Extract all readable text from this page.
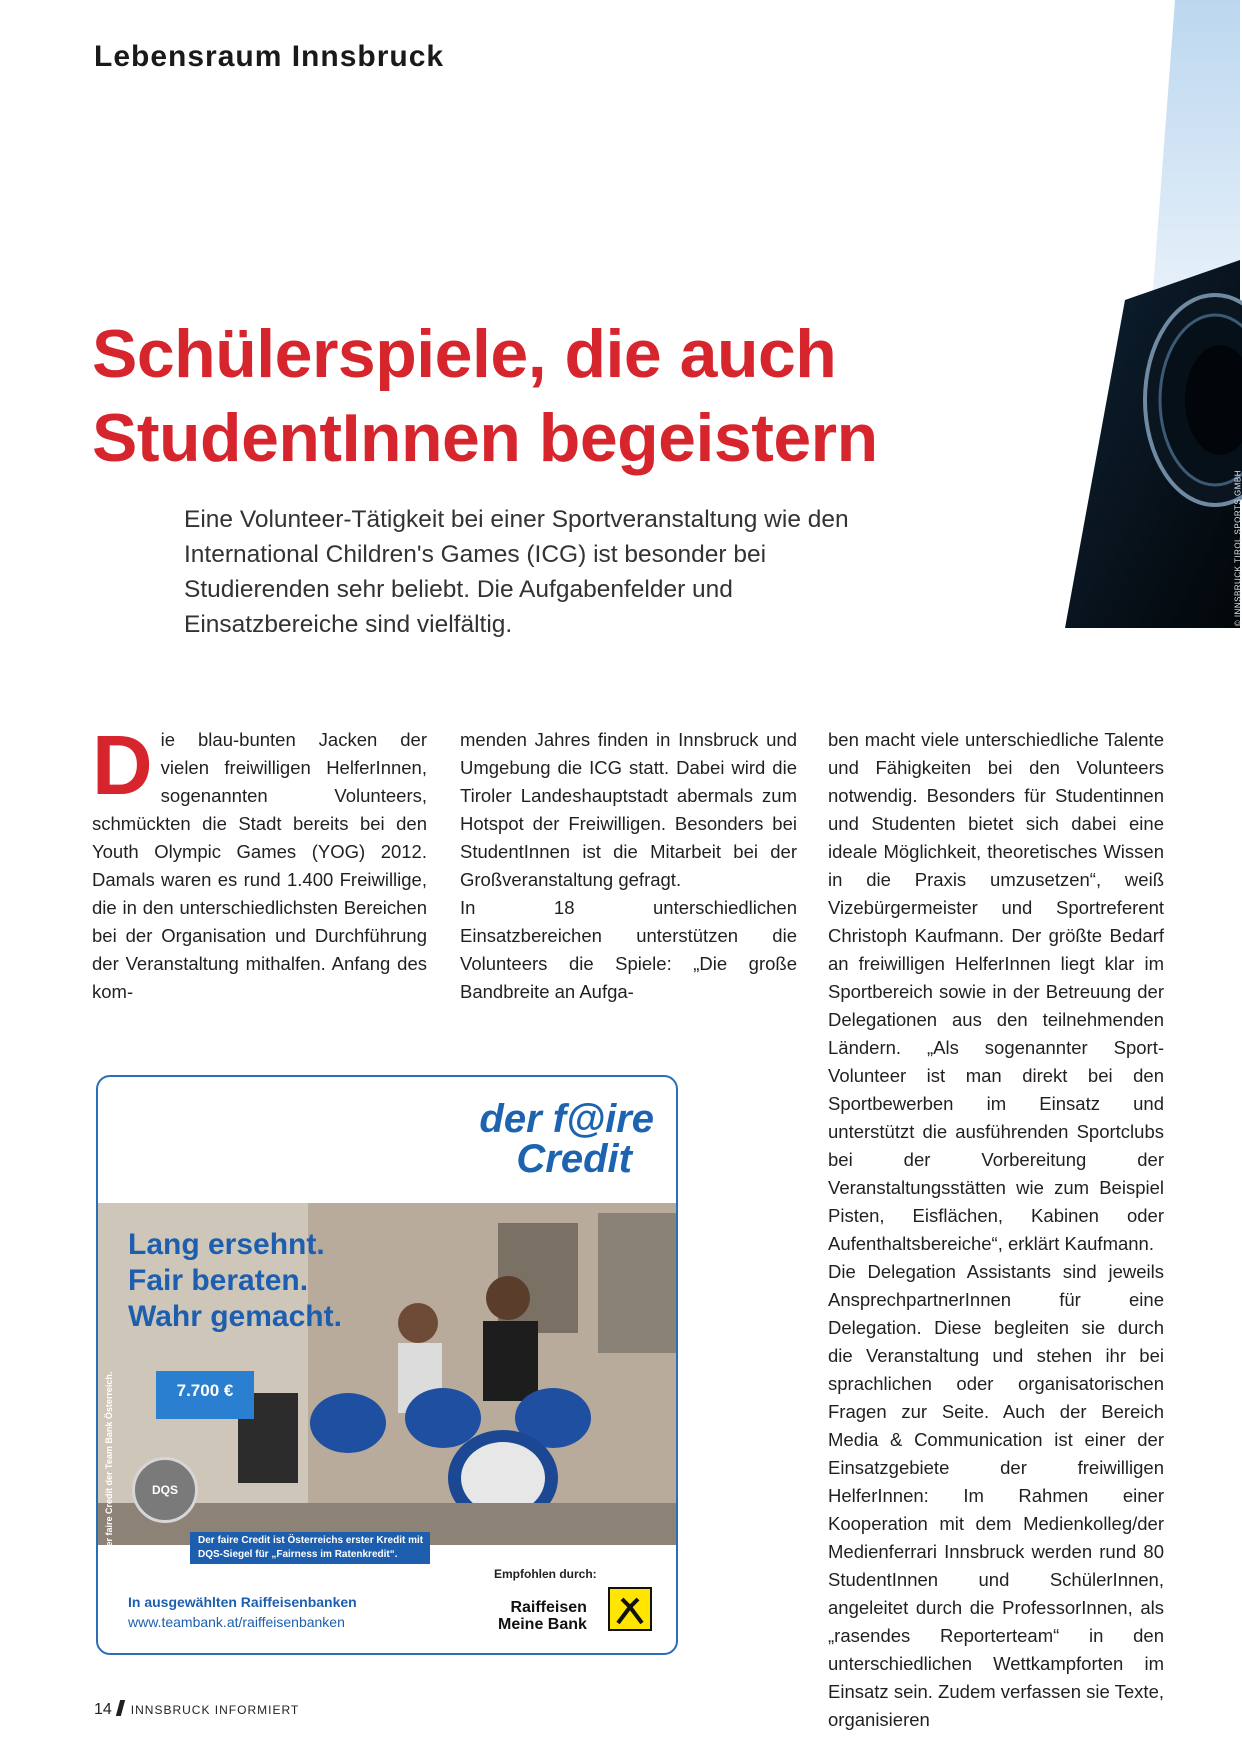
Lebensraum Innsbruck
© INNSBRUCK TIROL SPORTS GMBH
Schülerspiele, die auch
StudentInnen begeistern

Eine Volunteer-Tätigkeit bei einer Sportveranstaltung wie den International Children's Games (ICG) ist besonder bei Studierenden sehr beliebt. Die Aufgabenfelder und Einsatzbereiche sind vielfältig.

D ie blau-bunten Jacken der vielen freiwilligen HelferInnen, sogenannten Volunteers, schmückten die Stadt bereits bei den Youth Olympic Games (YOG) 2012. Damals waren es rund 1.400 Freiwillige, die in den unterschiedlichsten Bereichen bei der Organisation und Durchführung der Veranstaltung mithalfen. Anfang des kom-

menden Jahres finden in Innsbruck und Umgebung die ICG statt. Dabei wird die Tiroler Landeshauptstadt abermals zum Hotspot der Freiwilligen. Besonders bei StudentInnen ist die Mitarbeit bei der Großveranstaltung gefragt.

In 18 unterschiedlichen Einsatzbereichen unterstützen die Volunteers die Spiele: „Die große Bandbreite an Aufga-

ben macht viele unterschiedliche Talente und Fähigkeiten bei den Volunteers notwendig. Besonders für Studentinnen und Studenten bietet sich dabei eine ideale Möglichkeit, theoretisches Wissen in die Praxis umzusetzen“, weiß Vizebürgermeister und Sportreferent Christoph Kaufmann. Der größte Bedarf an freiwilligen HelferInnen liegt klar im Sportbereich sowie in der Betreuung der Delegationen aus den teilnehmenden Ländern. „Als sogenannter Sport-Volunteer ist man direkt bei den Sportbewerben im Einsatz und unterstützt die ausführenden Sportclubs bei der Vorbereitung der Veranstaltungsstätten wie zum Beispiel Pisten, Eisflächen, Kabinen oder Aufenthaltsbereiche“, erklärt Kaufmann.

Die Delegation Assistants sind jeweils AnsprechpartnerInnen für eine Delegation. Diese begleiten sie durch die Veranstaltung und stehen ihr bei sprachlichen oder organisatorischen Fragen zur Seite. Auch der Bereich Media & Communication ist einer der Einsatzgebiete der freiwilligen HelferInnen: Im Rahmen einer Kooperation mit dem Medienkolleg/der Medienferrari Innsbruck werden rund 80 StudentInnen und SchülerInnen, angeleitet durch die ProfessorInnen, als „rasendes Reporterteam“ in den unterschiedlichen Wettkampforten im Einsatz sein. Zudem verfassen sie Texte, organisieren

der f@ire
Credit
Lang ersehnt.
Fair beraten.
Wahr gemacht.
7.700 €
Der faire Credit der Team Bank Österreich.	DQS
Der faire Credit ist Österreichs erster Kredit mit
DQS-Siegel für „Fairness im Ratenkredit“.
In ausgewählten Raiffeisenbanken
www.teambank.at/raiffeisenbanken
Empfohlen durch:
Raiffeisen
Meine Bank
14 INNSBRUCK INFORMIERT
